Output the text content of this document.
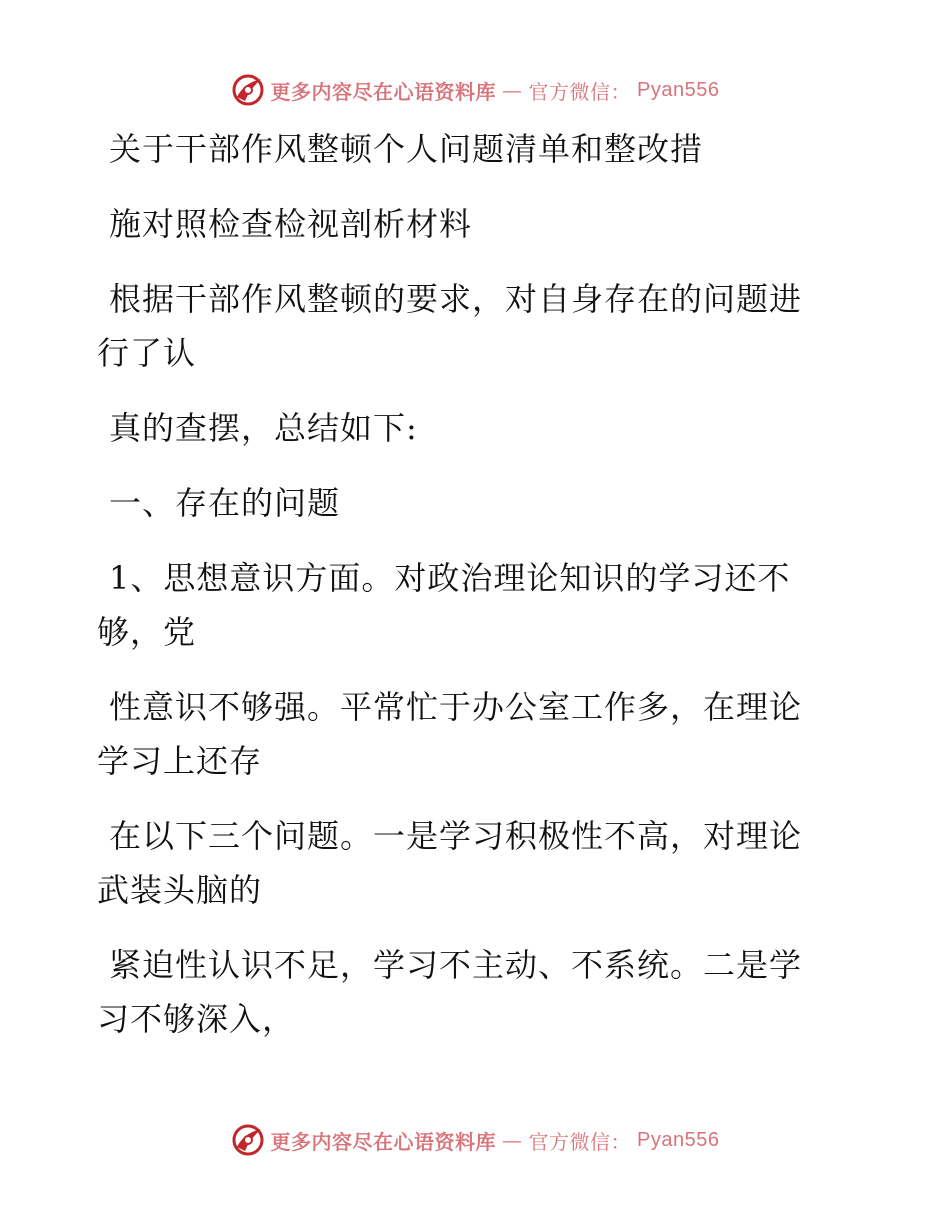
更多内容尽在心语资料库 — 官方微信： Pyan556
关于干部作风整顿个人问题清单和整改措
施对照检查检视剖析材料
根据干部作风整顿的要求，对自身存在的问题进
行了认
真的查摆，总结如下:
一、存在的问题
1、思想意识方面。对政治理论知识的学习还不
够，党
性意识不够强。平常忙于办公室工作多，在理论
学习上还存
在以下三个问题。一是学习积极性不高，对理论
武装头脑的
紧迫性认识不足，学习不主动、不系统。二是学
习不够深入，
更多内容尽在心语资料库 — 官方微信： Pyan556
